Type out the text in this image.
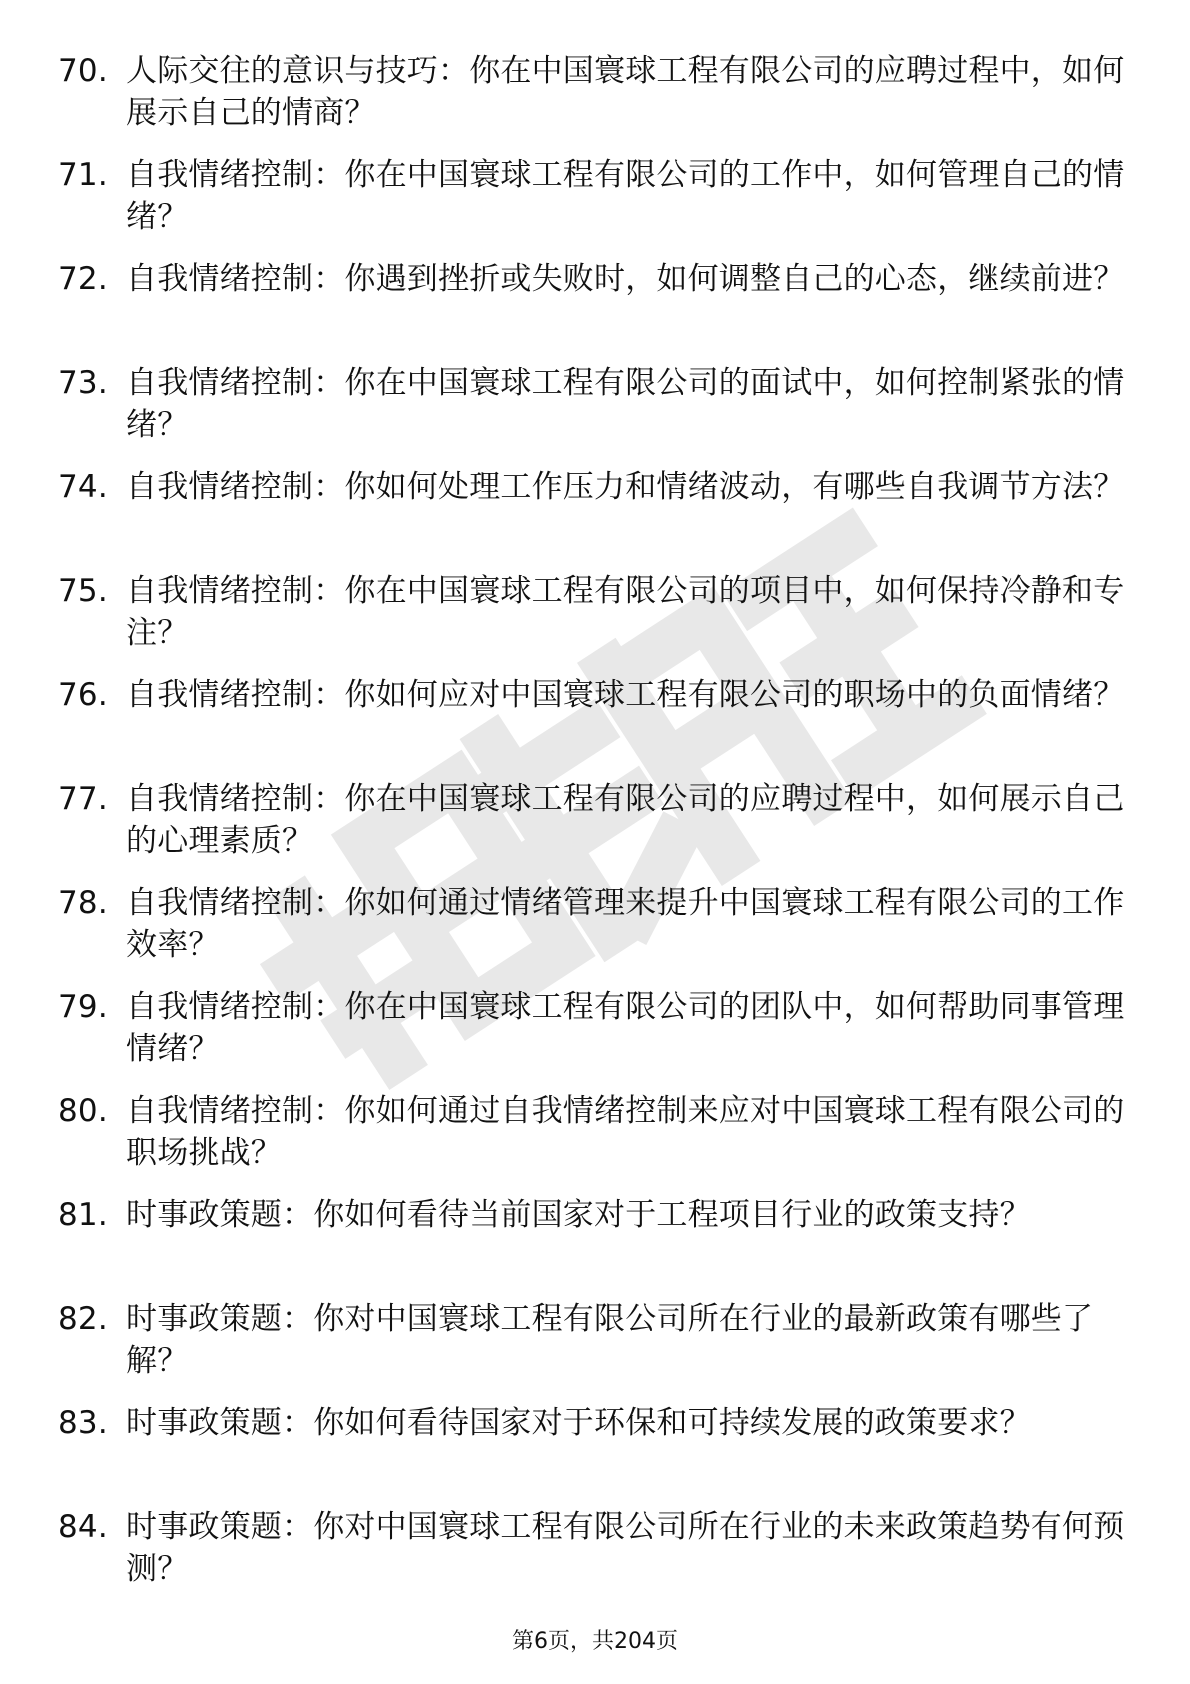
70. 人际交往的意识与技巧：你在中国寰球工程有限公司的应聘过程中，如何展示自己的情商？
71. 自我情绪控制：你在中国寰球工程有限公司的工作中，如何管理自己的情绪？
72. 自我情绪控制：你遇到挫折或失败时，如何调整自己的心态，继续前进？
73. 自我情绪控制：你在中国寰球工程有限公司的面试中，如何控制紧张的情绪？
74. 自我情绪控制：你如何处理工作压力和情绪波动，有哪些自我调节方法？
75. 自我情绪控制：你在中国寰球工程有限公司的项目中，如何保持冷静和专注？
76. 自我情绪控制：你如何应对中国寰球工程有限公司的职场中的负面情绪？
77. 自我情绪控制：你在中国寰球工程有限公司的应聘过程中，如何展示自己的心理素质？
78. 自我情绪控制：你如何通过情绪管理来提升中国寰球工程有限公司的工作效率？
79. 自我情绪控制：你在中国寰球工程有限公司的团队中，如何帮助同事管理情绪？
80. 自我情绪控制：你如何通过自我情绪控制来应对中国寰球工程有限公司的职场挑战？
81. 时事政策题：你如何看待当前国家对于工程项目行业的政策支持？
82. 时事政策题：你对中国寰球工程有限公司所在行业的最新政策有哪些了解？
83. 时事政策题：你如何看待国家对于环保和可持续发展的政策要求？
84. 时事政策题：你对中国寰球工程有限公司所在行业的未来政策趋势有何预测？
第6页，共204页
